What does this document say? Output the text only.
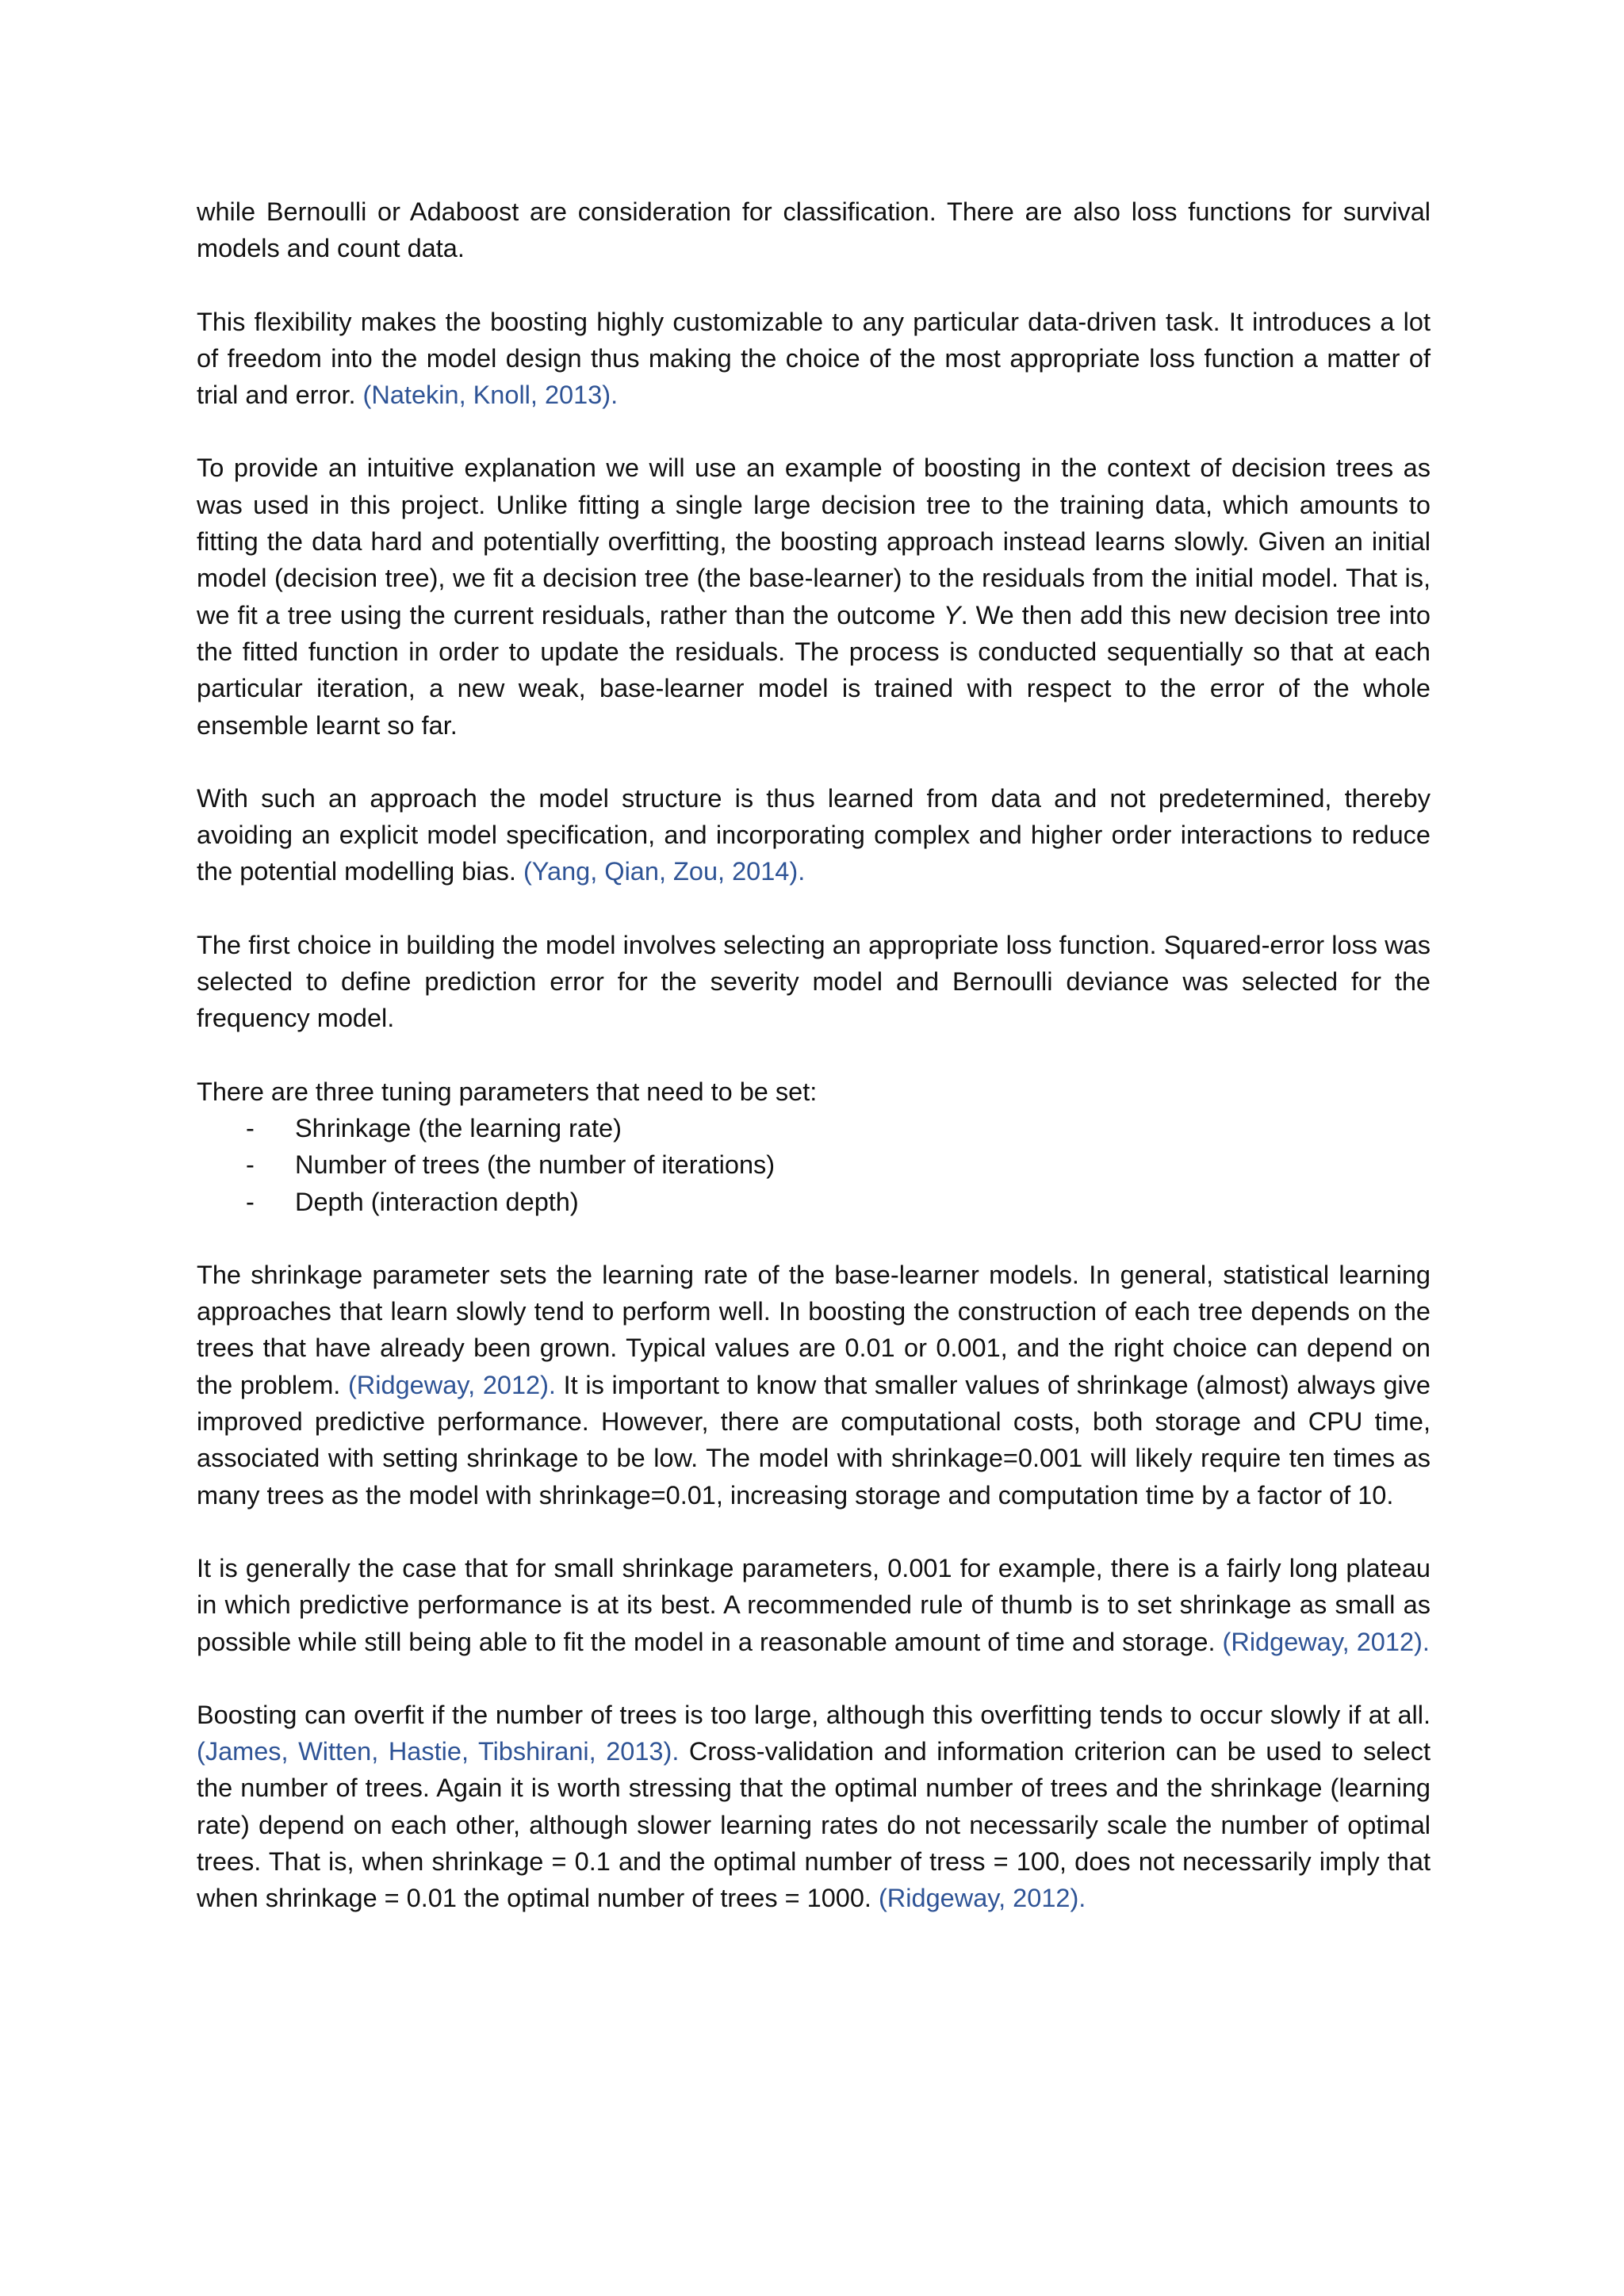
while Bernoulli or Adaboost are consideration for classification. There are also loss functions for survival models and count data.

This flexibility makes the boosting highly customizable to any particular data-driven task. It introduces a lot of freedom into the model design thus making the choice of the most appropriate loss function a matter of trial and error. (Natekin, Knoll, 2013).

To provide an intuitive explanation we will use an example of boosting in the context of decision trees as was used in this project. Unlike fitting a single large decision tree to the training data, which amounts to fitting the data hard and potentially overfitting, the boosting approach instead learns slowly. Given an initial model (decision tree), we fit a decision tree (the base-learner) to the residuals from the initial model. That is, we fit a tree using the current residuals, rather than the outcome Y. We then add this new decision tree into the fitted function in order to update the residuals. The process is conducted sequentially so that at each particular iteration, a new weak, base-learner model is trained with respect to the error of the whole ensemble learnt so far.

With such an approach the model structure is thus learned from data and not predetermined, thereby avoiding an explicit model specification, and incorporating complex and higher order interactions to reduce the potential modelling bias. (Yang, Qian, Zou, 2014).

The first choice in building the model involves selecting an appropriate loss function. Squared-error loss was selected to define prediction error for the severity model and Bernoulli deviance was selected for the frequency model.

There are three tuning parameters that need to be set:

- Shrinkage (the learning rate)
- Number of trees (the number of iterations)
- Depth (interaction depth)

The shrinkage parameter sets the learning rate of the base-learner models. In general, statistical learning approaches that learn slowly tend to perform well. In boosting the construction of each tree depends on the trees that have already been grown. Typical values are 0.01 or 0.001, and the right choice can depend on the problem. (Ridgeway, 2012). It is important to know that smaller values of shrinkage (almost) always give improved predictive performance. However, there are computational costs, both storage and CPU time, associated with setting shrinkage to be low. The model with shrinkage=0.001 will likely require ten times as many trees as the model with shrinkage=0.01, increasing storage and computation time by a factor of 10.

It is generally the case that for small shrinkage parameters, 0.001 for example, there is a fairly long plateau in which predictive performance is at its best. A recommended rule of thumb is to set shrinkage as small as possible while still being able to fit the model in a reasonable amount of time and storage. (Ridgeway, 2012).

Boosting can overfit if the number of trees is too large, although this overfitting tends to occur slowly if at all. (James, Witten, Hastie, Tibshirani, 2013). Cross-validation and information criterion can be used to select the number of trees. Again it is worth stressing that the optimal number of trees and the shrinkage (learning rate) depend on each other, although slower learning rates do not necessarily scale the number of optimal trees. That is, when shrinkage = 0.1 and the optimal number of tress = 100, does not necessarily imply that when shrinkage = 0.01 the optimal number of trees = 1000. (Ridgeway, 2012).
